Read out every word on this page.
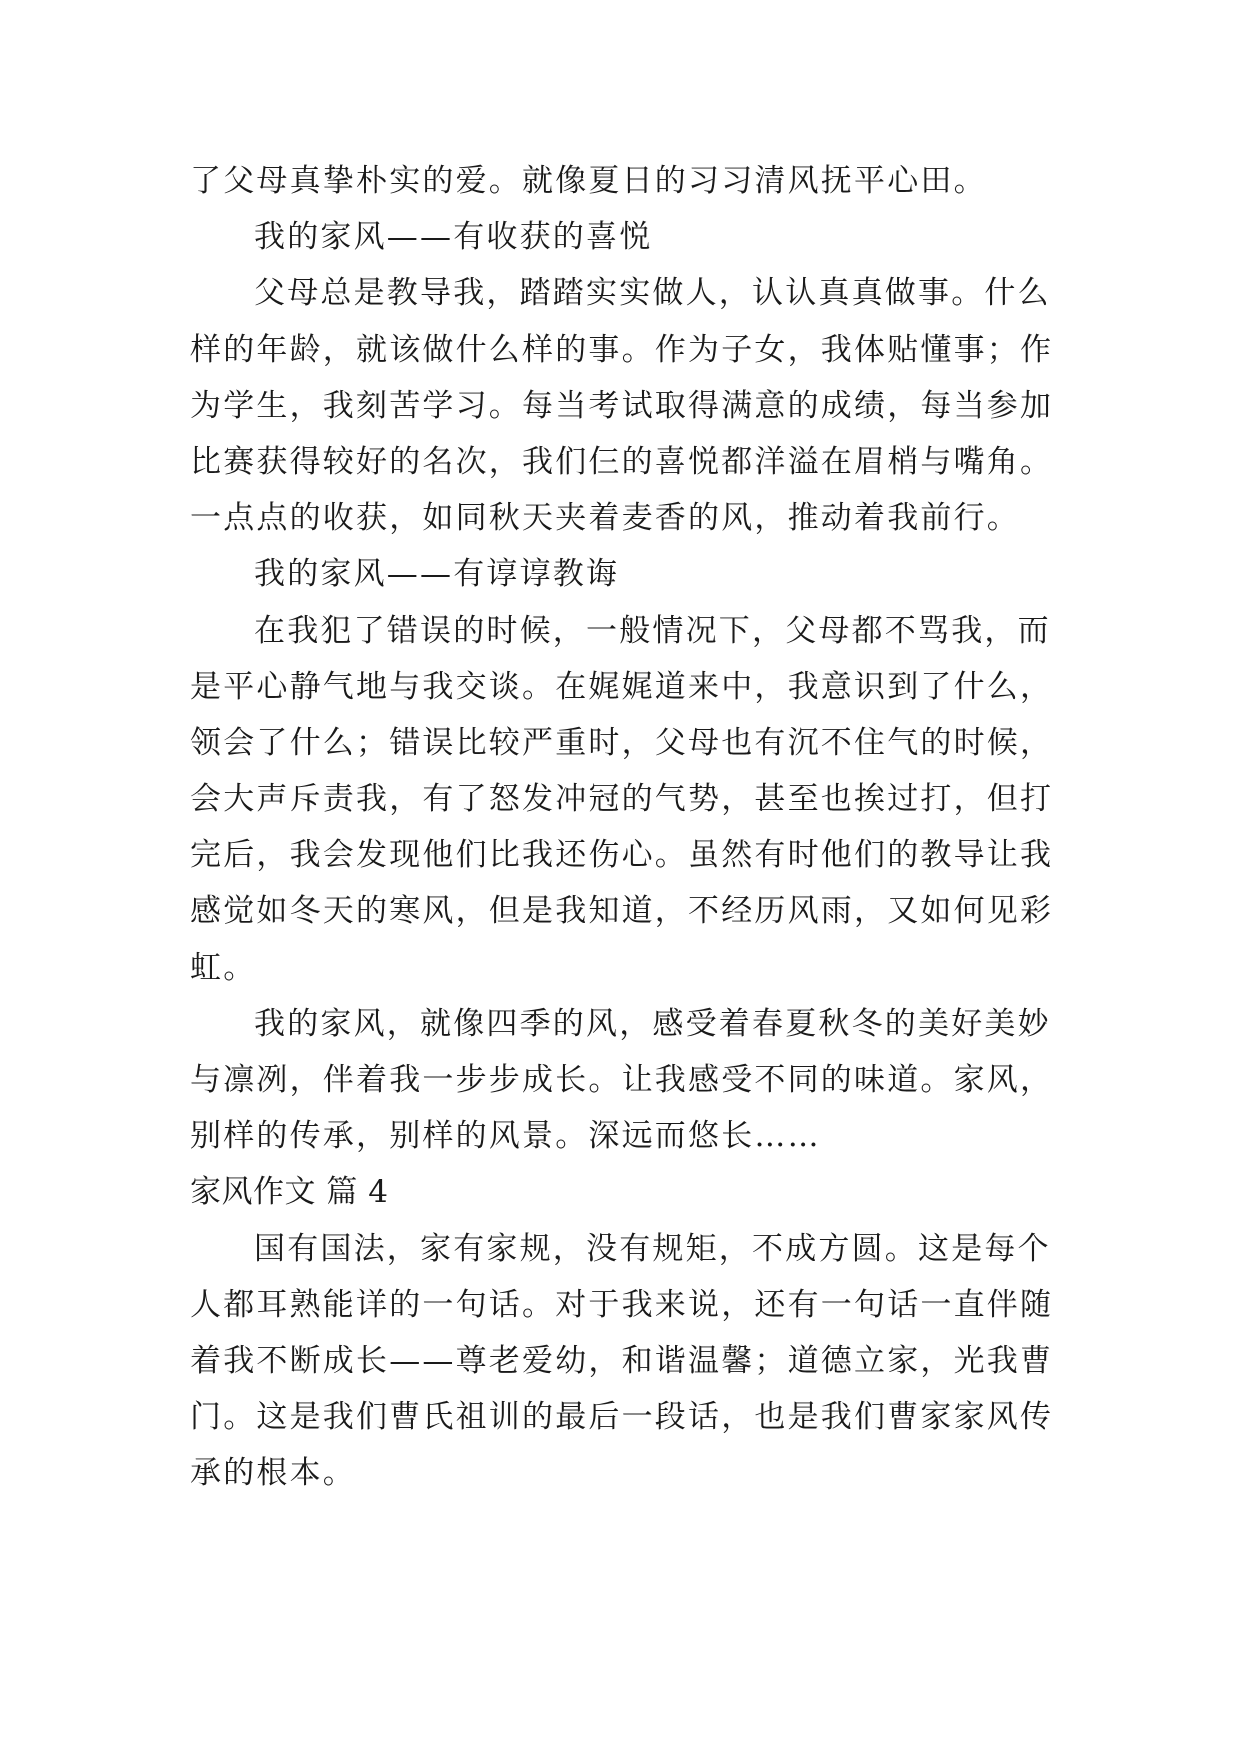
了父母真挚朴实的爱。就像夏日的习习清风抚平心田。
我的家风——有收获的喜悦
父母总是教导我，踏踏实实做人，认认真真做事。什么
样的年龄，就该做什么样的事。作为子女，我体贴懂事；作
为学生，我刻苦学习。每当考试取得满意的成绩，每当参加
比赛获得较好的名次，我们仨的喜悦都洋溢在眉梢与嘴角。
一点点的收获，如同秋天夹着麦香的风，推动着我前行。
我的家风——有谆谆教诲
在我犯了错误的时候，一般情况下，父母都不骂我，而
是平心静气地与我交谈。在娓娓道来中，我意识到了什么，
领会了什么；错误比较严重时，父母也有沉不住气的时候，
会大声斥责我，有了怒发冲冠的气势，甚至也挨过打，但打
完后，我会发现他们比我还伤心。虽然有时他们的教导让我
感觉如冬天的寒风，但是我知道，不经历风雨，又如何见彩
虹。
我的家风，就像四季的风，感受着春夏秋冬的美好美妙
与凛冽，伴着我一步步成长。让我感受不同的味道。家风，
别样的传承，别样的风景。深远而悠长……
家风作文 篇 4
国有国法，家有家规，没有规矩，不成方圆。这是每个
人都耳熟能详的一句话。对于我来说，还有一句话一直伴随
着我不断成长——尊老爱幼，和谐温馨；道德立家，光我曹
门。这是我们曹氏祖训的最后一段话，也是我们曹家家风传
承的根本。
